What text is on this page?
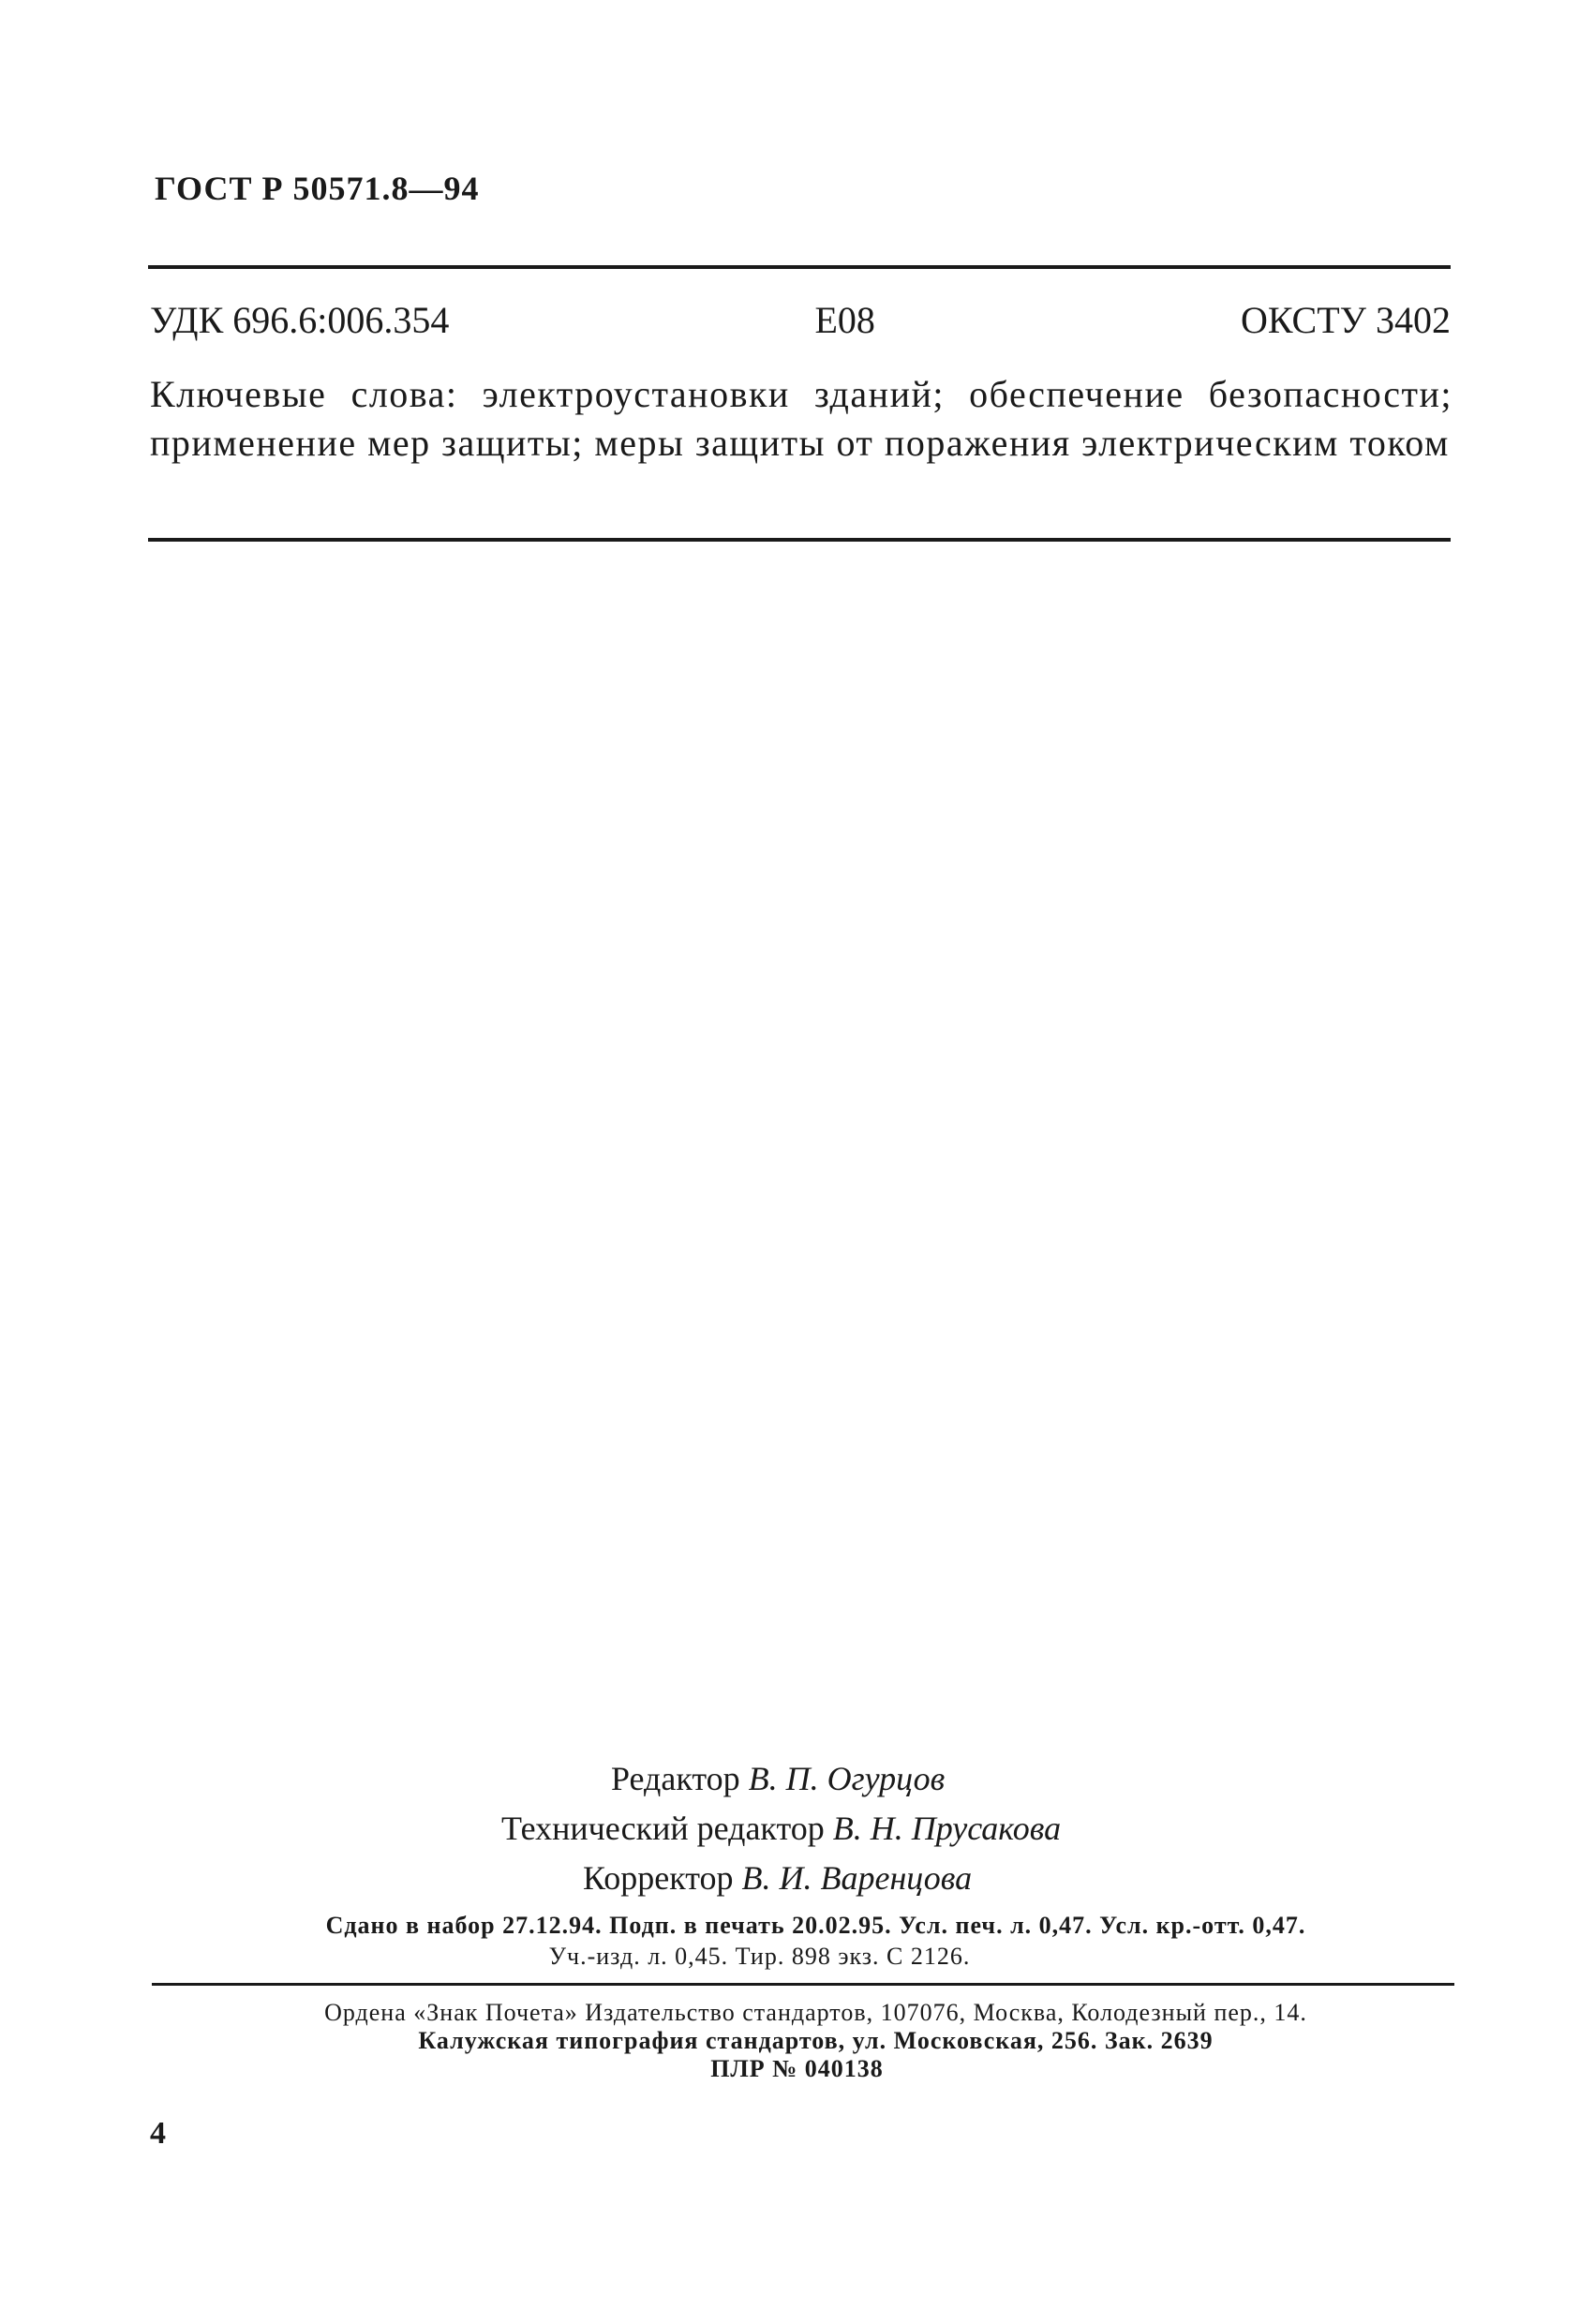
ГОСТ Р 50571.8—94
УДК 696.6:006.354	Е08	ОКСТУ 3402
Ключевые слова: электроустановки зданий; обеспечение безопасности; применение мер защиты; меры защиты от поражения электрическим током
Редактор В. П. Огурцов
Технический редактор В. Н. Прусакова
Корректор В. И. Варенцова
Сдано в набор 27.12.94. Подп. в печать 20.02.95. Усл. печ. л. 0,47. Усл. кр.-отт. 0,47.
Уч.-изд. л. 0,45. Тир. 898 экз. С 2126.
Ордена «Знак Почета» Издательство стандартов, 107076, Москва, Колодезный пер., 14.
Калужская типография стандартов, ул. Московская, 256. Зак. 2639
ПЛР № 040138
4
